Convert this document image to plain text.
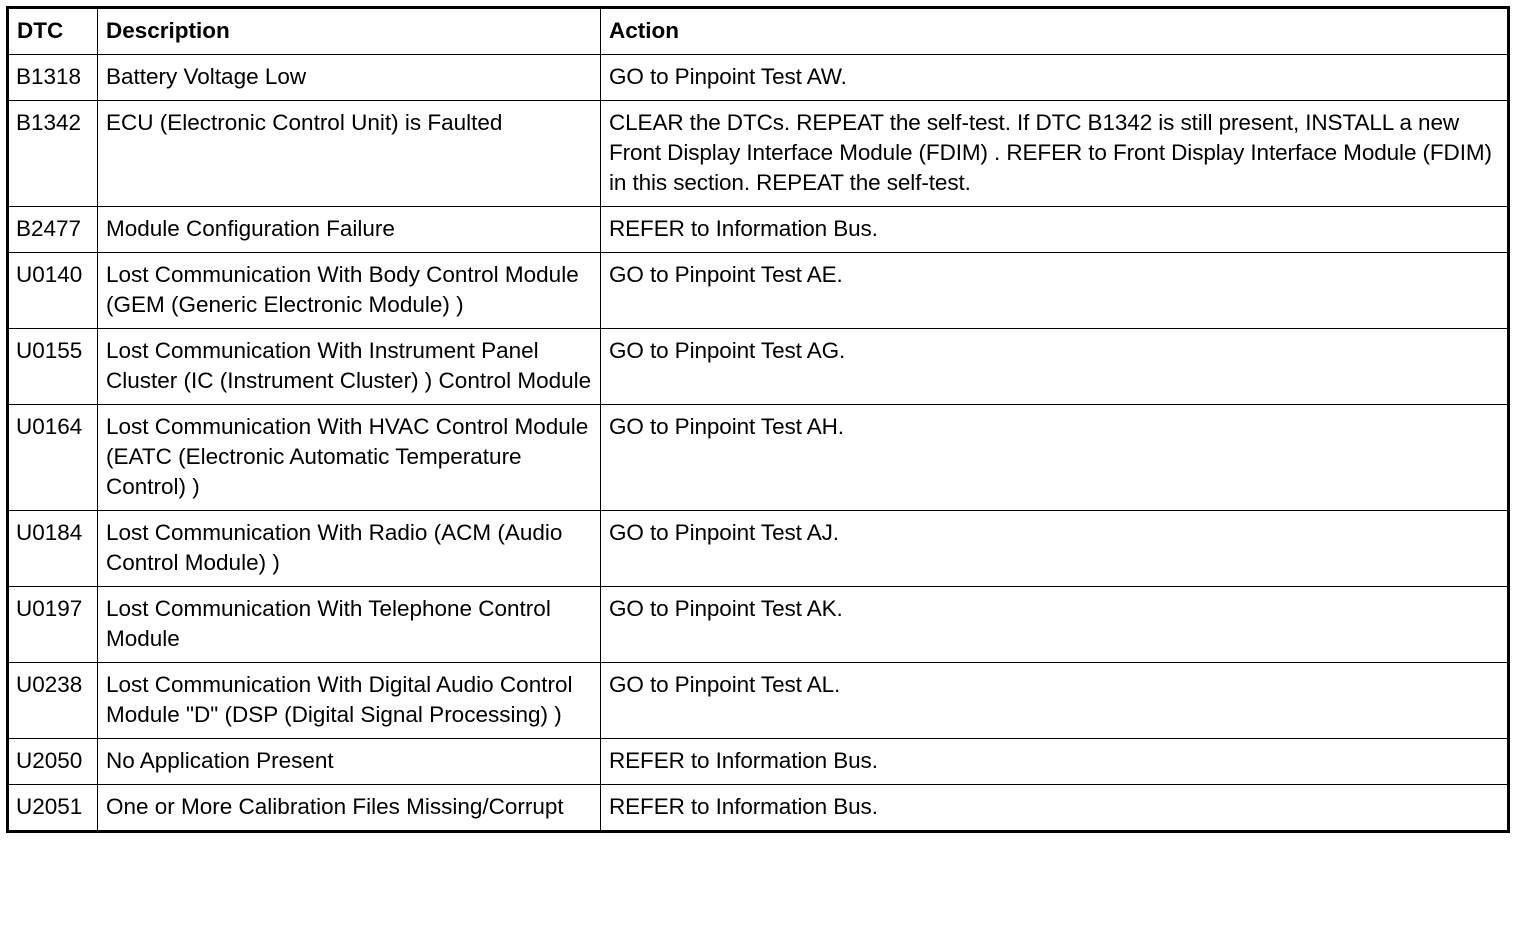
DTC	Description	Action
B1318	Battery Voltage Low	GO to Pinpoint Test AW.
B1342	ECU (Electronic Control Unit) is Faulted	CLEAR the DTCs. REPEAT the self-test. If DTC B1342 is still present, INSTALL a new Front Display Interface Module (FDIM) . REFER to Front Display Interface Module (FDIM) in this section. REPEAT the self-test.
B2477	Module Configuration Failure	REFER to Information Bus.
U0140	Lost Communication With Body Control Module (GEM (Generic Electronic Module) )	GO to Pinpoint Test AE.
U0155	Lost Communication With Instrument Panel Cluster (IC (Instrument Cluster) ) Control Module	GO to Pinpoint Test AG.
U0164	Lost Communication With HVAC Control Module (EATC (Electronic Automatic Temperature Control) )	GO to Pinpoint Test AH.
U0184	Lost Communication With Radio (ACM (Audio Control Module) )	GO to Pinpoint Test AJ.
U0197	Lost Communication With Telephone Control Module	GO to Pinpoint Test AK.
U0238	Lost Communication With Digital Audio Control Module "D" (DSP (Digital Signal Processing) )	GO to Pinpoint Test AL.
U2050	No Application Present	REFER to Information Bus.
U2051	One or More Calibration Files Missing/Corrupt	REFER to Information Bus.
